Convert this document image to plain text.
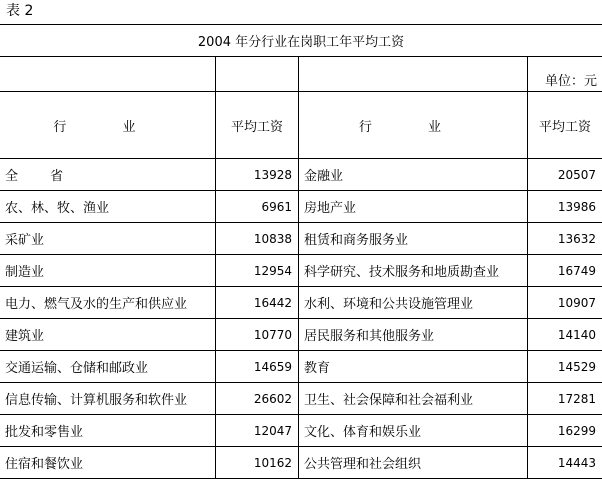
表 2
2004 年分行业在岗职工年平均工资			
			单位：元
行 业	平均工资	行 业	平均工资
全 省	13928	金融业	20507
农、林、牧、渔业	6961	房地产业	13986
采矿业	10838	租赁和商务服务业	13632
制造业	12954	科学研究、技术服务和地质勘查业	16749
电力、燃气及水的生产和供应业	16442	水利、环境和公共设施管理业	10907
建筑业	10770	居民服务和其他服务业	14140
交通运输、仓储和邮政业	14659	教育	14529
信息传输、计算机服务和软件业	26602	卫生、社会保障和社会福利业	17281
批发和零售业	12047	文化、体育和娱乐业	16299
住宿和餐饮业	10162	公共管理和社会组织	14443
